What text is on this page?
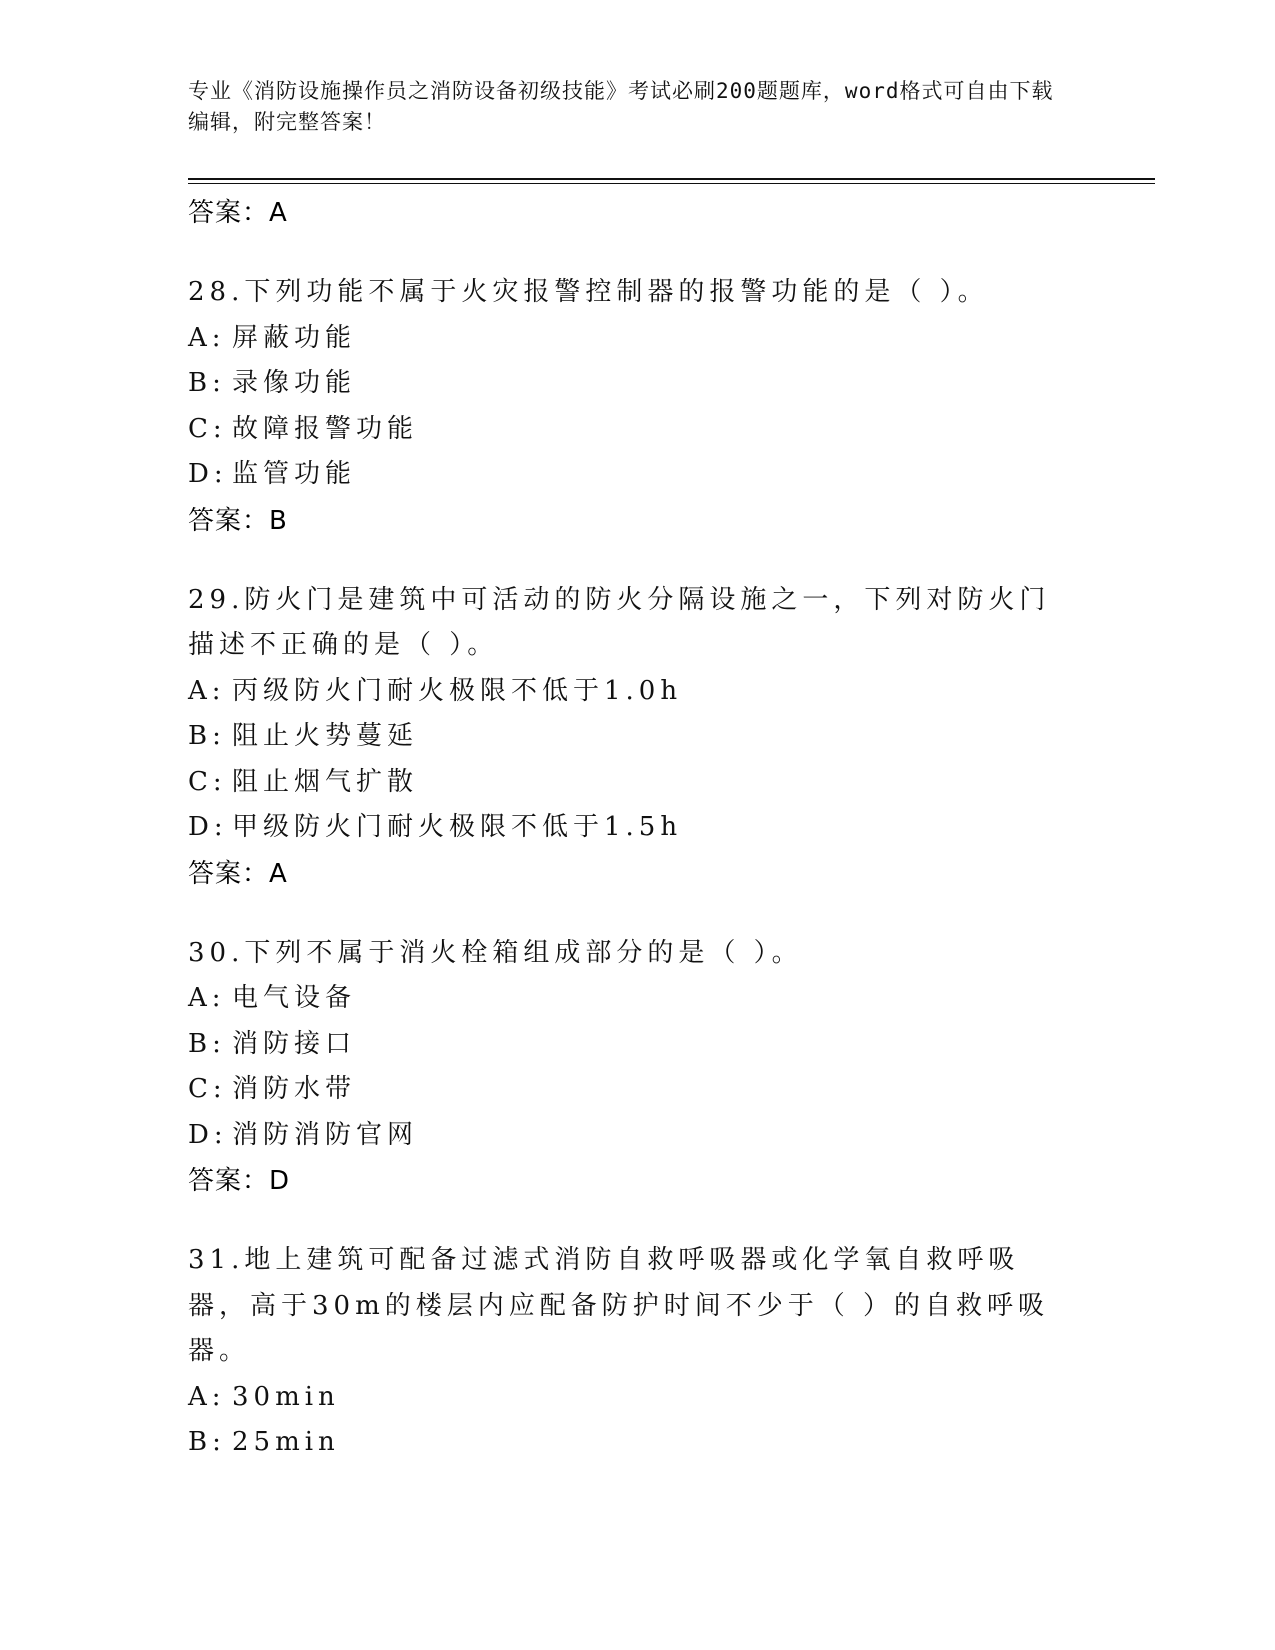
专业《消防设施操作员之消防设备初级技能》考试必刷200题题库，word格式可自由下载编辑，附完整答案！
答案：A
28.下列功能不属于火灾报警控制器的报警功能的是（ ）。
A: 屏蔽功能
B: 录像功能
C: 故障报警功能
D: 监管功能
答案：B
29.防火门是建筑中可活动的防火分隔设施之一，下列对防火门描述不正确的是（ ）。
A: 丙级防火门耐火极限不低于1.0h
B: 阻止火势蔓延
C: 阻止烟气扩散
D: 甲级防火门耐火极限不低于1.5h
答案：A
30.下列不属于消火栓箱组成部分的是（ ）。
A: 电气设备
B: 消防接口
C: 消防水带
D: 消防消防官网
答案：D
31.地上建筑可配备过滤式消防自救呼吸器或化学氧自救呼吸器，高于30m的楼层内应配备防护时间不少于（ ）的自救呼吸器。
A: 30min
B: 25min
